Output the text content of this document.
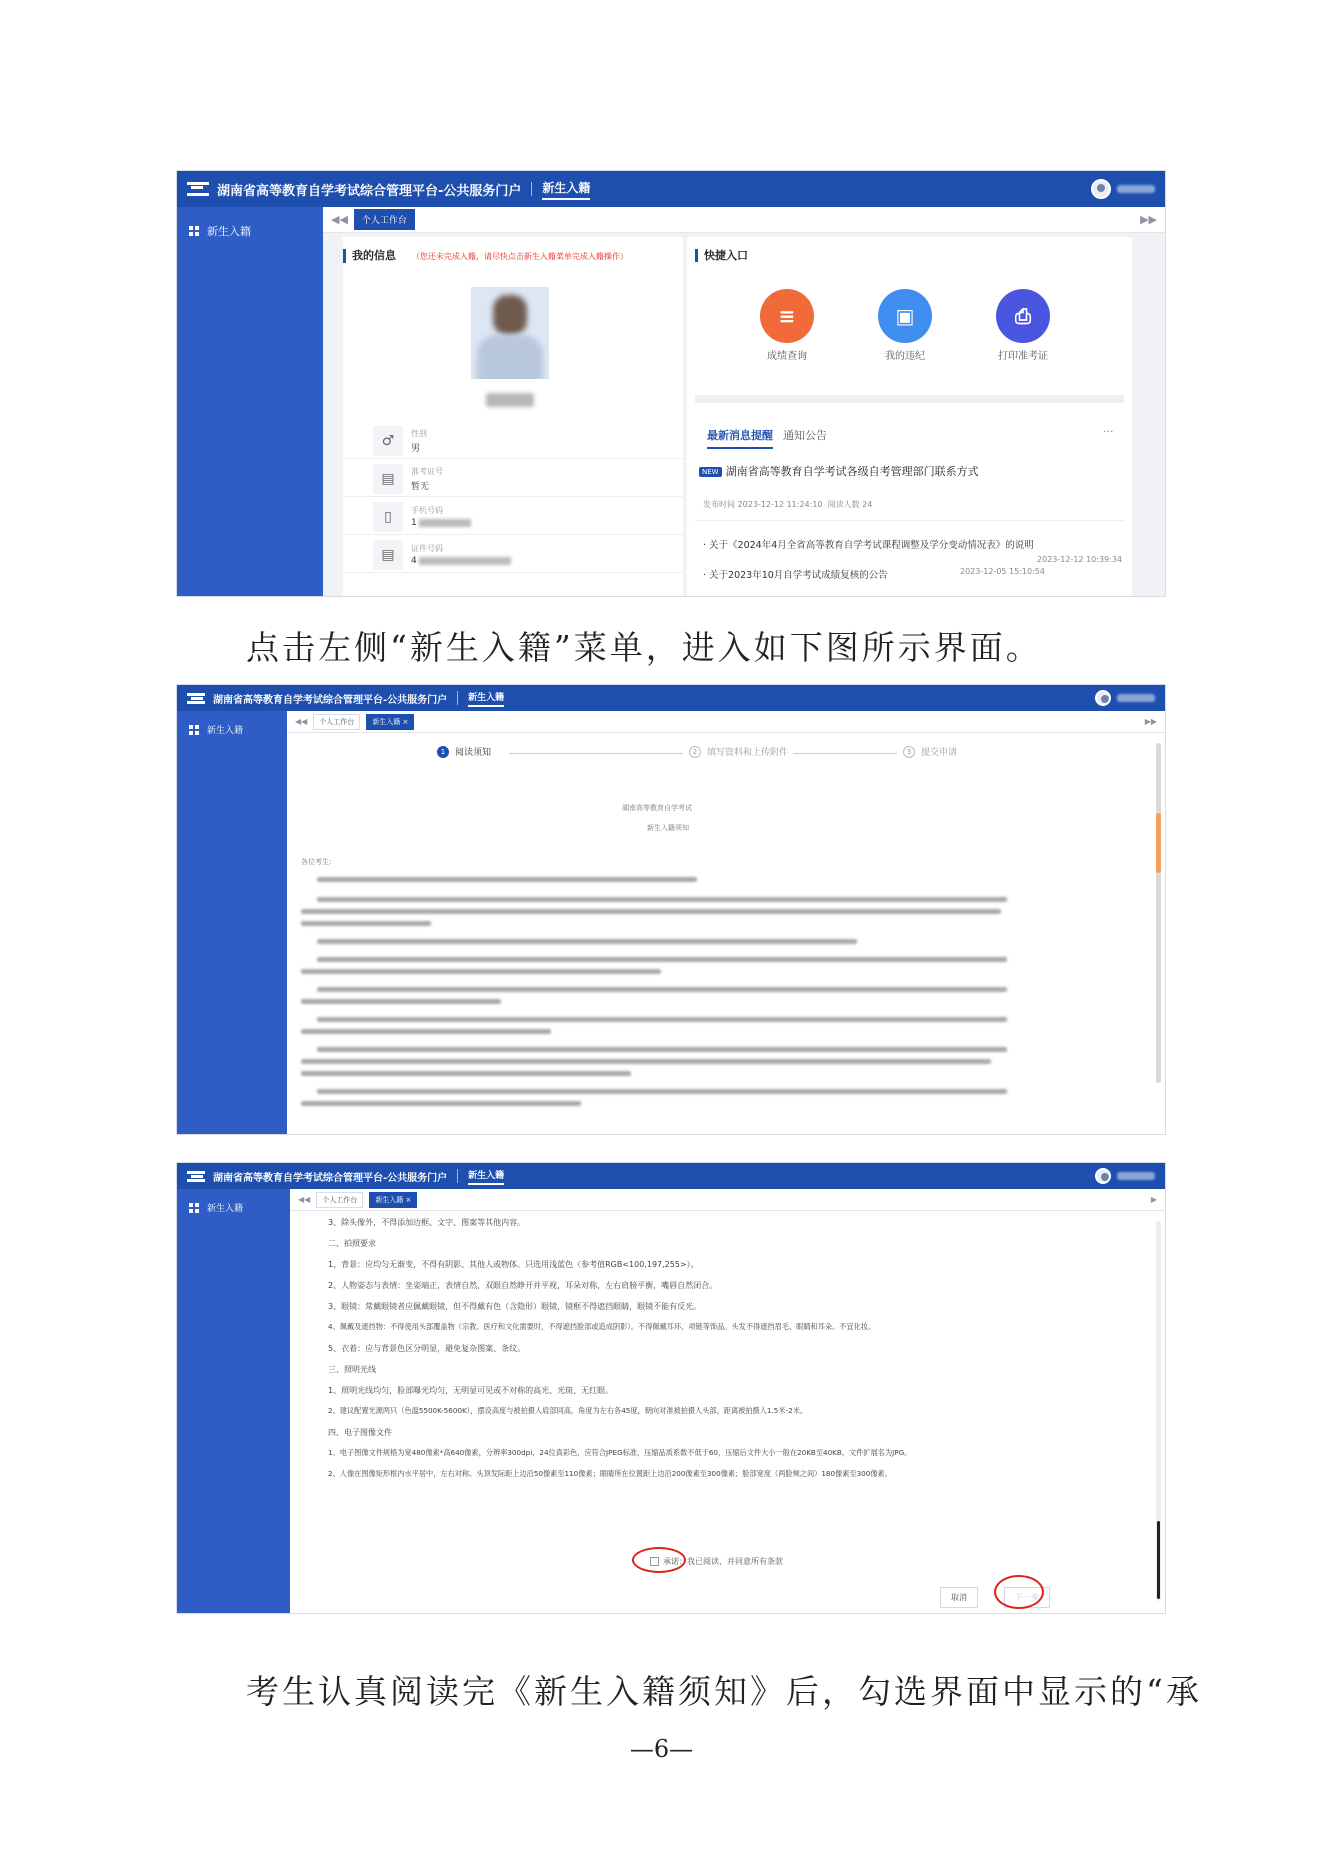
湖南省高等教育自学考试综合管理平台-公共服务门户 新生入籍
新生入籍
◀◀	个人工作台	▶▶
我的信息 （您还未完成入籍，请尽快点击新生入籍菜单完成入籍操作）
♂	性别
男
▤	准考证号
暂无
▯	手机号码
1
▤	证件号码
4
快捷入口
≡
成绩查询
▣
我的违纪
⎙
打印准考证
最新消息提醒 通知公告	···
NEW 湖南省高等教育自学考试各级自考管理部门联系方式
发布时间 2023-12-12 11:24:10 阅读人数 24
· 关于《2024年4月全省高等教育自学考试课程调整及学分变动情况表》的说明
2023-12-12 10:39:34
· 关于2023年10月自学考试成绩复核的公告	2023-12-05 15:10:54

点击左侧“新生入籍”菜单，进入如下图所示界面。

湖南省高等教育自学考试综合管理平台-公共服务门户 新生入籍
新生入籍
◀◀	个人工作台	新生入籍 ×	▶▶
1	阅读须知	2	填写资料和上传附件	3	提交申请
湖南高等教育自学考试
新生入籍须知
各位考生：
湖南省高等教育自学考试综合管理平台-公共服务门户 新生入籍
新生入籍
◀◀	个人工作台	新生入籍 ×	▶
3、除头像外，不得添加边框、文字、图案等其他内容。
二、拍照要求
1、背景：应均匀无渐变，不得有阴影、其他人或物体。只选用浅蓝色（参考值RGB<100,197,255>）。
2、人物姿态与表情：坐姿端正，表情自然，双眼自然睁开并平视，耳朵对称，左右肩膀平衡，嘴唇自然闭合。
3、眼镜：常戴眼镜者应佩戴眼镜，但不得戴有色（含隐形）眼镜，镜框不得遮挡眼睛，眼镜不能有反光。
4、佩戴及遮挡物：不得使用头部覆盖物（宗教、医疗和文化需要时，不得遮挡脸部或造成阴影）。不得佩戴耳环、项链等饰品。头发不得遮挡眉毛、眼睛和耳朵。不宜化妆。
5、衣着：应与背景色区分明显，避免复杂图案、条纹。
三、照明光线
1、照明光线均匀，脸部曝光均匀，无明显可见或不对称的高光、光斑、无红眼。
2、建议配置光源两只（色温5500K-5600K），摆设高度与被拍摄人肩部同高，角度为左右各45度，朝向对准被拍摄人头部，距离被拍摄人1.5米-2米。
四、电子图像文件
1、电子图像文件规格为宽480像素*高640像素，分辨率300dpi，24位真彩色，应符合JPEG标准，压缩品质系数不低于60，压缩后文件大小一般在20KB至40KB，文件扩展名为JPG。
2、人像在图像矩形框内水平居中，左右对称。头顶发际距上边沿50像素至110像素；眼睛所在位置距上边沿200像素至300像素；脸部宽度（两脸颊之间）180像素至300像素。
承诺：我已阅读，并同意所有条款
取消	下一步

考生认真阅读完《新生入籍须知》后，勾选界面中显示的“承

—6—
